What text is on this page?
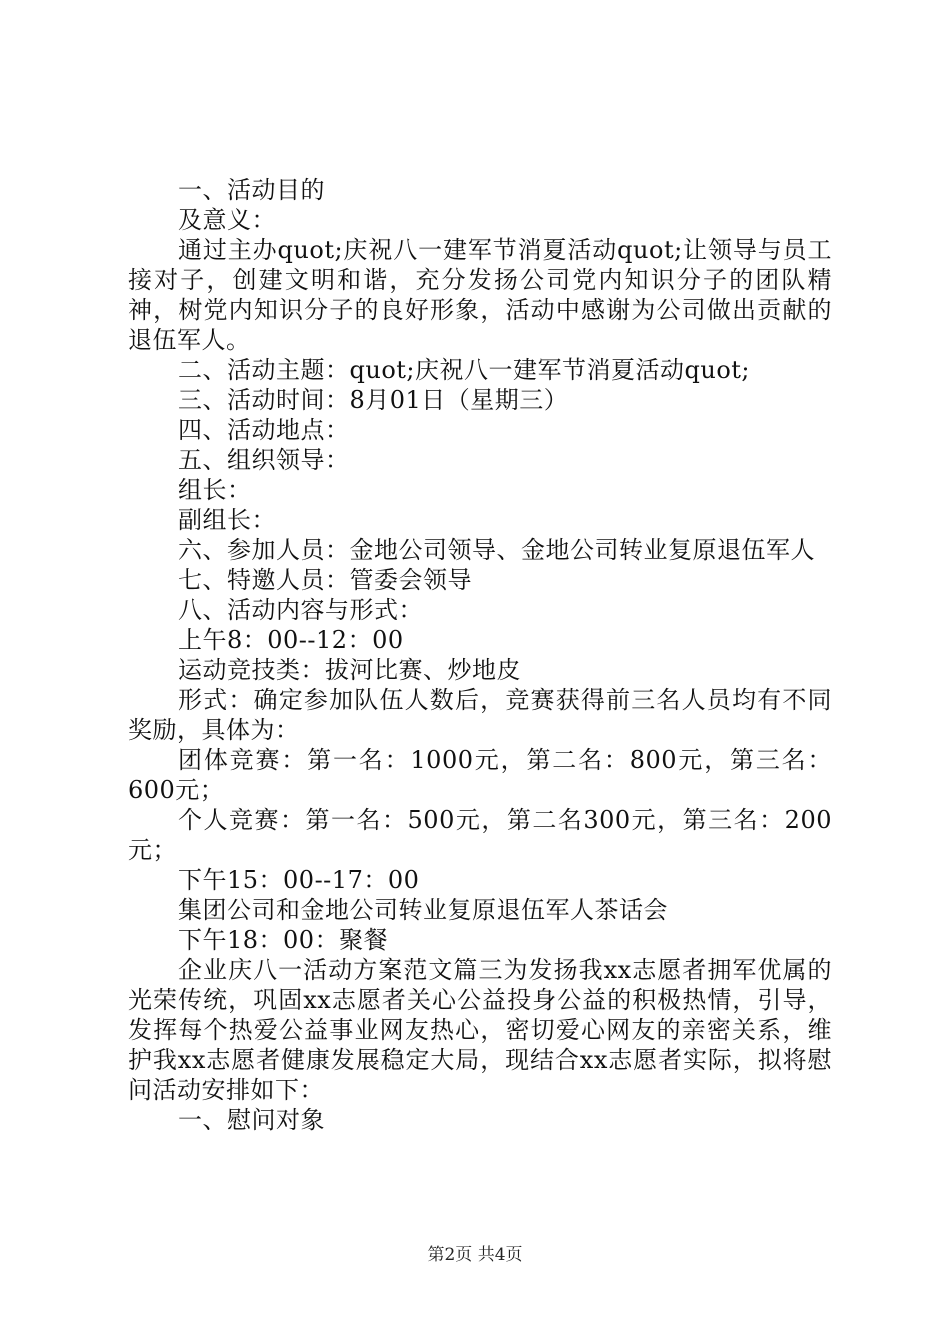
一、活动目的

及意义：

通过主办quot;庆祝八一建军节消夏活动quot;让领导与员工接对子，创建文明和谐，充分发扬公司党内知识分子的团队精神，树党内知识分子的良好形象，活动中感谢为公司做出贡献的退伍军人。

二、活动主题：quot;庆祝八一建军节消夏活动quot;

三、活动时间：8月01日（星期三）

四、活动地点：

五、组织领导：

组长：

副组长：

六、参加人员：金地公司领导、金地公司转业复原退伍军人

七、特邀人员：管委会领导

八、活动内容与形式：

上午8：00--12：00

运动竞技类：拔河比赛、炒地皮

形式：确定参加队伍人数后，竞赛获得前三名人员均有不同奖励，具体为：

团体竞赛：第一名：1000元，第二名：800元，第三名：600元；

个人竞赛：第一名：500元，第二名300元，第三名：200元；

下午15：00--17：00

集团公司和金地公司转业复原退伍军人茶话会

下午18：00：聚餐

企业庆八一活动方案范文篇三为发扬我xx志愿者拥军优属的光荣传统，巩固xx志愿者关心公益投身公益的积极热情，引导，发挥每个热爱公益事业网友热心，密切爱心网友的亲密关系，维护我xx志愿者健康发展稳定大局，现结合xx志愿者实际，拟将慰问活动安排如下：

一、慰问对象

第2页 共4页
